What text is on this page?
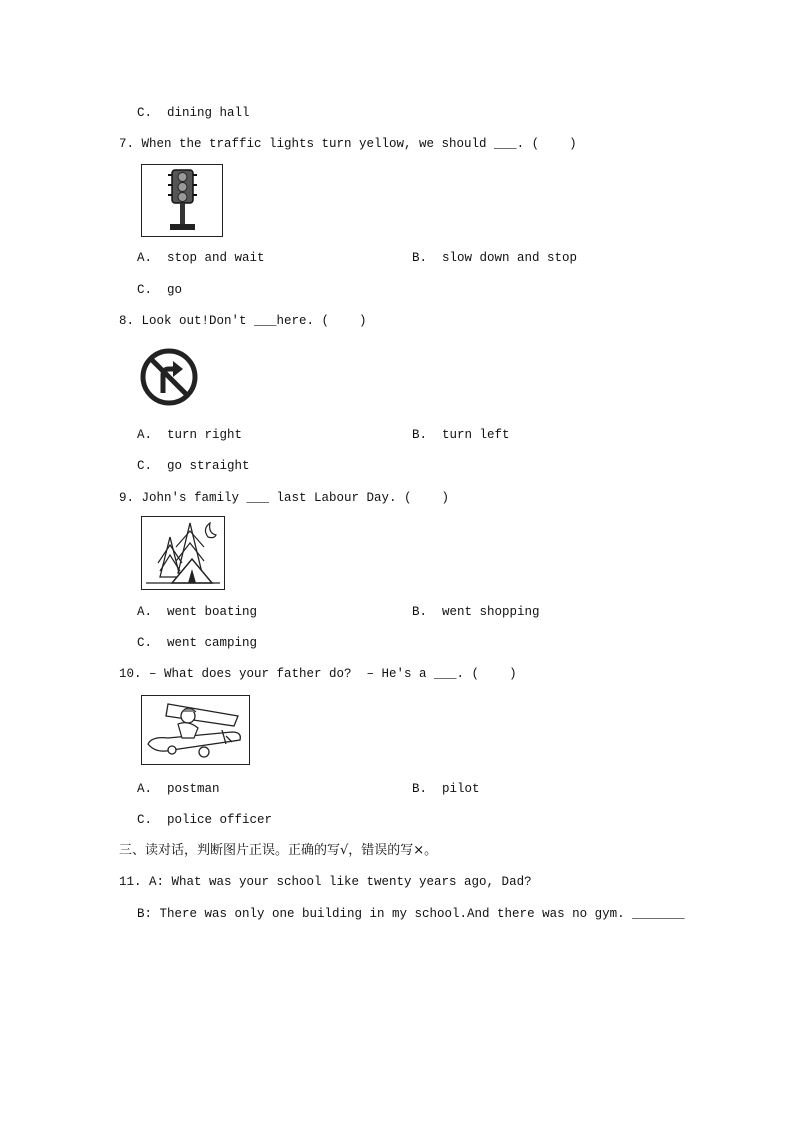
C.  dining hall
7. When the traffic lights turn yellow, we should ___. (    )
A.  stop and wait	B.  slow down and stop
C.  go
8. Look out!Don't ___here. (    )
A.  turn right	B.  turn left
C.  go straight
9. John's family ___ last Labour Day. (    )
A.  went boating	B.  went shopping
C.  went camping
10. – What does your father do?  – He's a ___. (    )
A.  postman	B.  pilot
C.  police officer
三、读对话，判断图片正误。正确的写√，错误的写×。
11. A: What was your school like twenty years ago, Dad?
B: There was only one building in my school.And there was no gym. _______
